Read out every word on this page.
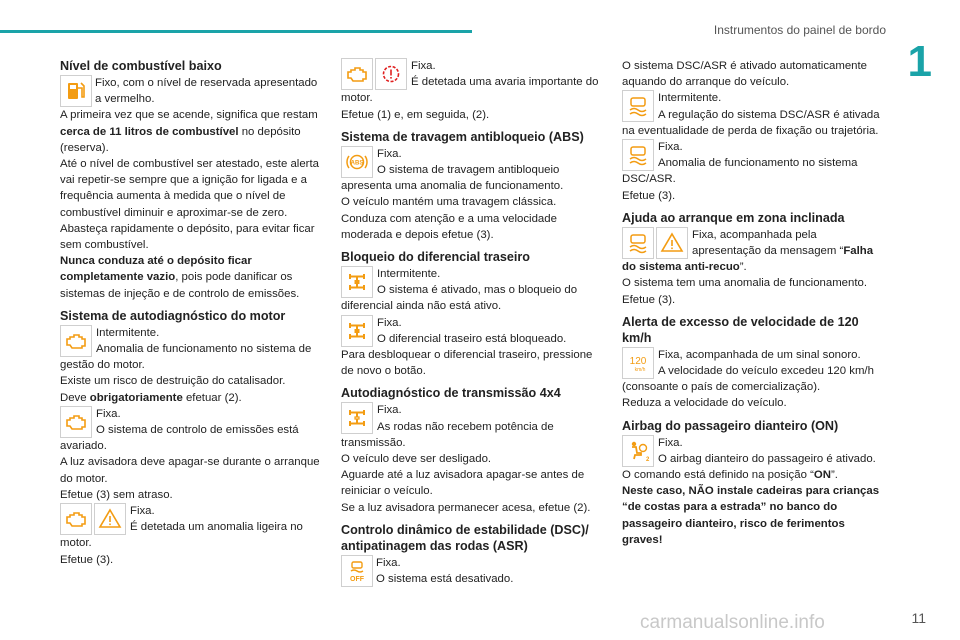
Instrumentos do painel de bordo
1
Nível de combustível baixo
Fixo, com o nível de reservada apresentado a vermelho.

A primeira vez que se acende, significa que restam cerca de 11 litros de combustível no depósito (reserva).

Até o nível de combustível ser atestado, este alerta vai repetir-se sempre que a ignição for ligada e a frequência aumenta à medida que o nível de combustível diminuir e aproximar-se de zero.

Abasteça rapidamente o depósito, para evitar ficar sem combustível.

Nunca conduza até o depósito ficar completamente vazio, pois pode danificar os sistemas de injeção e de controlo de emissões.

Sistema de autodiagnóstico do motor
Intermitente.
Anomalia de funcionamento no sistema de gestão do motor.

Existe um risco de destruição do catalisador.

Deve obrigatoriamente efetuar (2).

Fixa.
O sistema de controlo de emissões está avariado.

A luz avisadora deve apagar-se durante o arranque do motor.

Efetue (3) sem atraso.

Fixa.
É detetada um anomalia ligeira no motor.

Efetue (3).

Fixa.
É detetada uma avaria importante do motor.

Efetue (1) e, em seguida, (2).

Sistema de travagem antibloqueio (ABS)
ABS
Fixa.
O sistema de travagem antibloqueio apresenta uma anomalia de funcionamento.

O veículo mantém uma travagem clássica.

Conduza com atenção e a uma velocidade moderada e depois efetue (3).

Bloqueio do diferencial traseiro
Intermitente.
O sistema é ativado, mas o bloqueio do diferencial ainda não está ativo.
Fixa.
O diferencial traseiro está bloqueado.

Para desbloquear o diferencial traseiro, pressione de novo o botão.

Autodiagnóstico de transmissão 4x4
Fixa.
As rodas não recebem potência de transmissão.

O veículo deve ser desligado.

Aguarde até a luz avisadora apagar-se antes de reiniciar o veículo.

Se a luz avisadora permanecer acesa, efetue (2).

Controlo dinâmico de estabilidade (DSC)/ antipatinagem das rodas (ASR)
OFF
Fixa.
O sistema está desativado.

O sistema DSC/ASR é ativado automaticamente aquando do arranque do veículo.

Intermitente.
A regulação do sistema DSC/ASR é ativada na eventualidade de perda de fixação ou trajetória.
Fixa.
Anomalia de funcionamento no sistema DSC/ASR.

Efetue (3).

Ajuda ao arranque em zona inclinada
Fixa, acompanhada pela apresentação da mensagem “Falha do sistema anti-recuo”.

O sistema tem uma anomalia de funcionamento.

Efetue (3).

Alerta de excesso de velocidade de 120 km/h
120
km/h
Fixa, acompanhada de um sinal sonoro.
A velocidade do veículo excedeu 120 km/h (consoante o país de comercialização).

Reduza a velocidade do veículo.

Airbag do passageiro dianteiro (ON)
2
Fixa.
O airbag dianteiro do passageiro é ativado.

O comando está definido na posição “ON”.

Neste caso, NÃO instale cadeiras para crianças “de costas para a estrada” no banco do passageiro dianteiro, risco de ferimentos graves!

carmanualsonline.info	11
